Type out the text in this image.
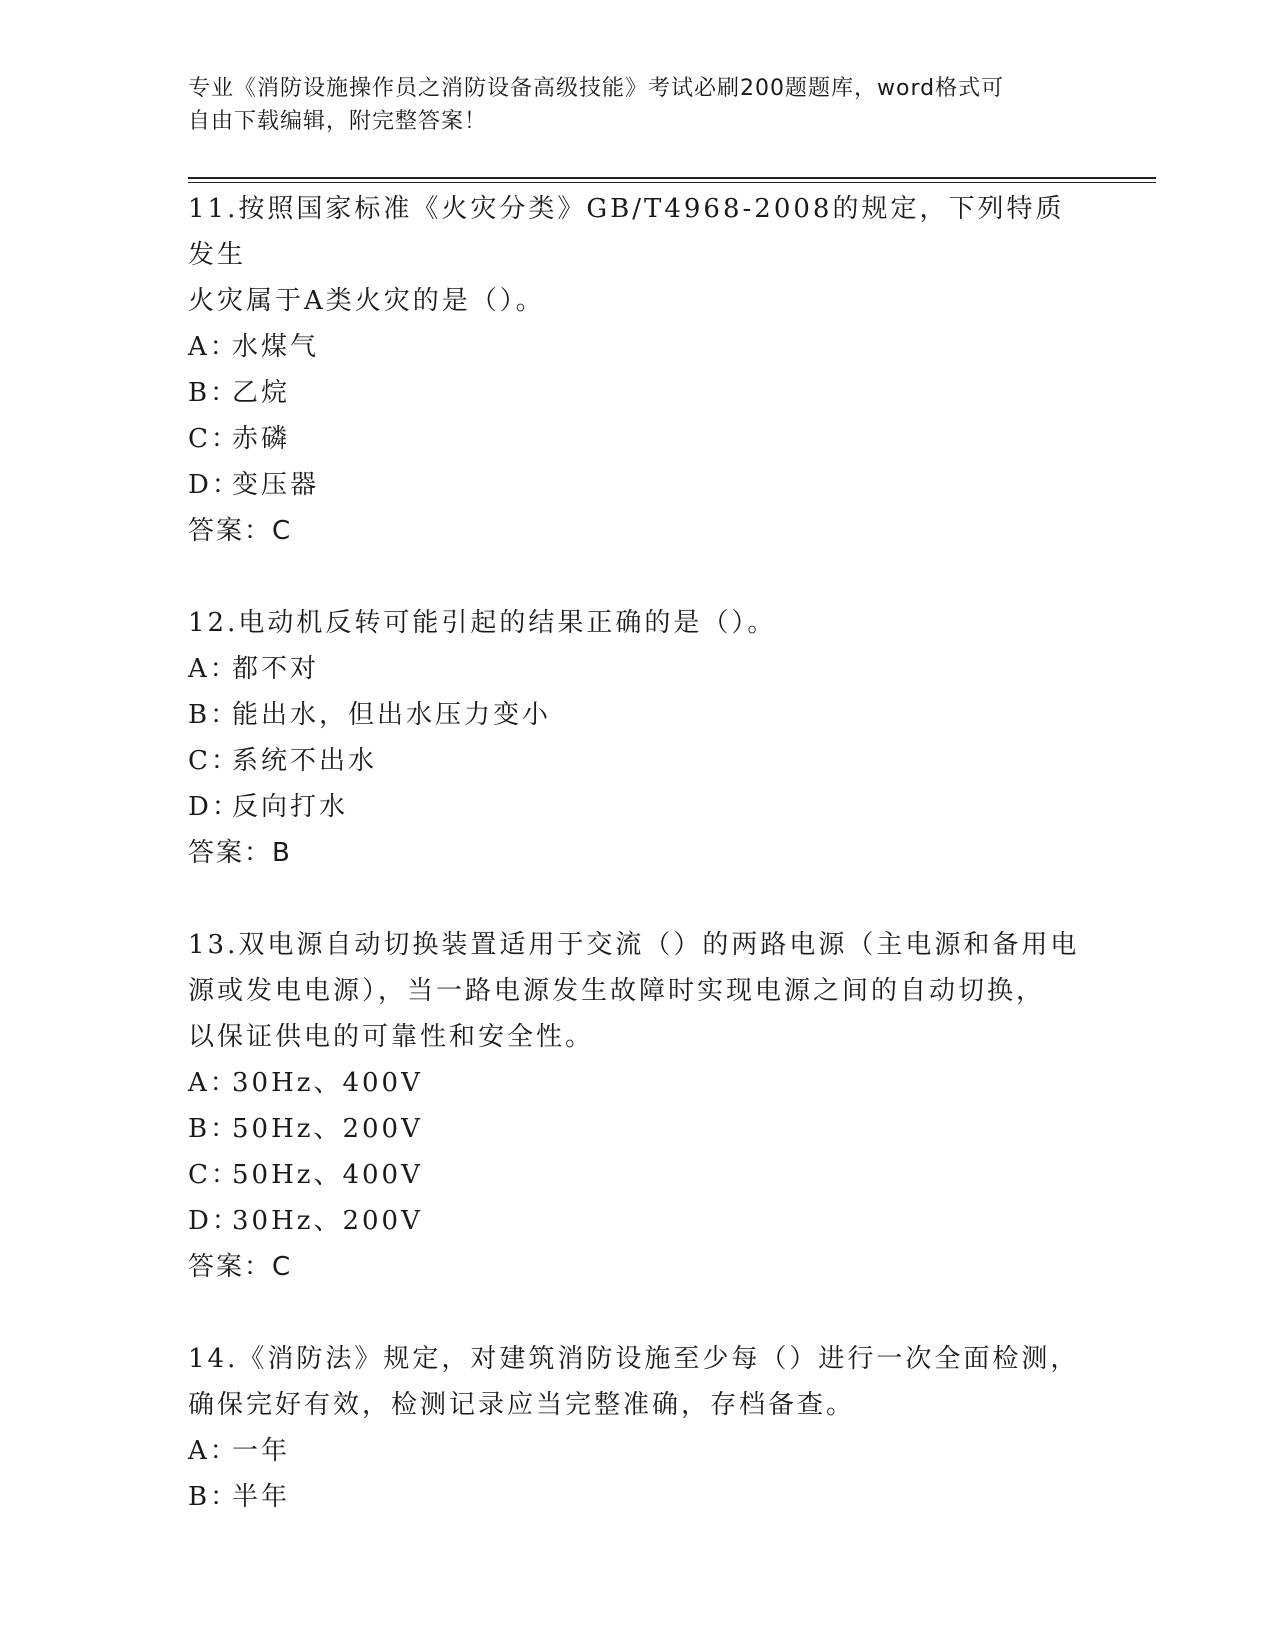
专业《消防设施操作员之消防设备高级技能》考试必刷200题题库，word格式可
自由下载编辑，附完整答案！

11.按照国家标准《火灾分类》GB/T4968-2008的规定，下列特质发生

火灾属于A类火灾的是（）。

A：
水煤气
B：
乙烷
C：
赤磷
D：
变压器
答案：C

12.电动机反转可能引起的结果正确的是（）。

A：
都不对
B：
能出水，但出水压力变小
C：
系统不出水
D：
反向打水
答案：B

13.双电源自动切换装置适用于交流（）的两路电源（主电源和备用电

源或发电电源），当一路电源发生故障时实现电源之间的自动切换，

以保证供电的可靠性和安全性。

A：
30Hz、400V
B：
50Hz、200V
C：
50Hz、400V
D：
30Hz、200V
答案：C

14.《消防法》规定，对建筑消防设施至少每（）进行一次全面检测，

确保完好有效，检测记录应当完整准确，存档备查。

A：
一年
B：
半年
